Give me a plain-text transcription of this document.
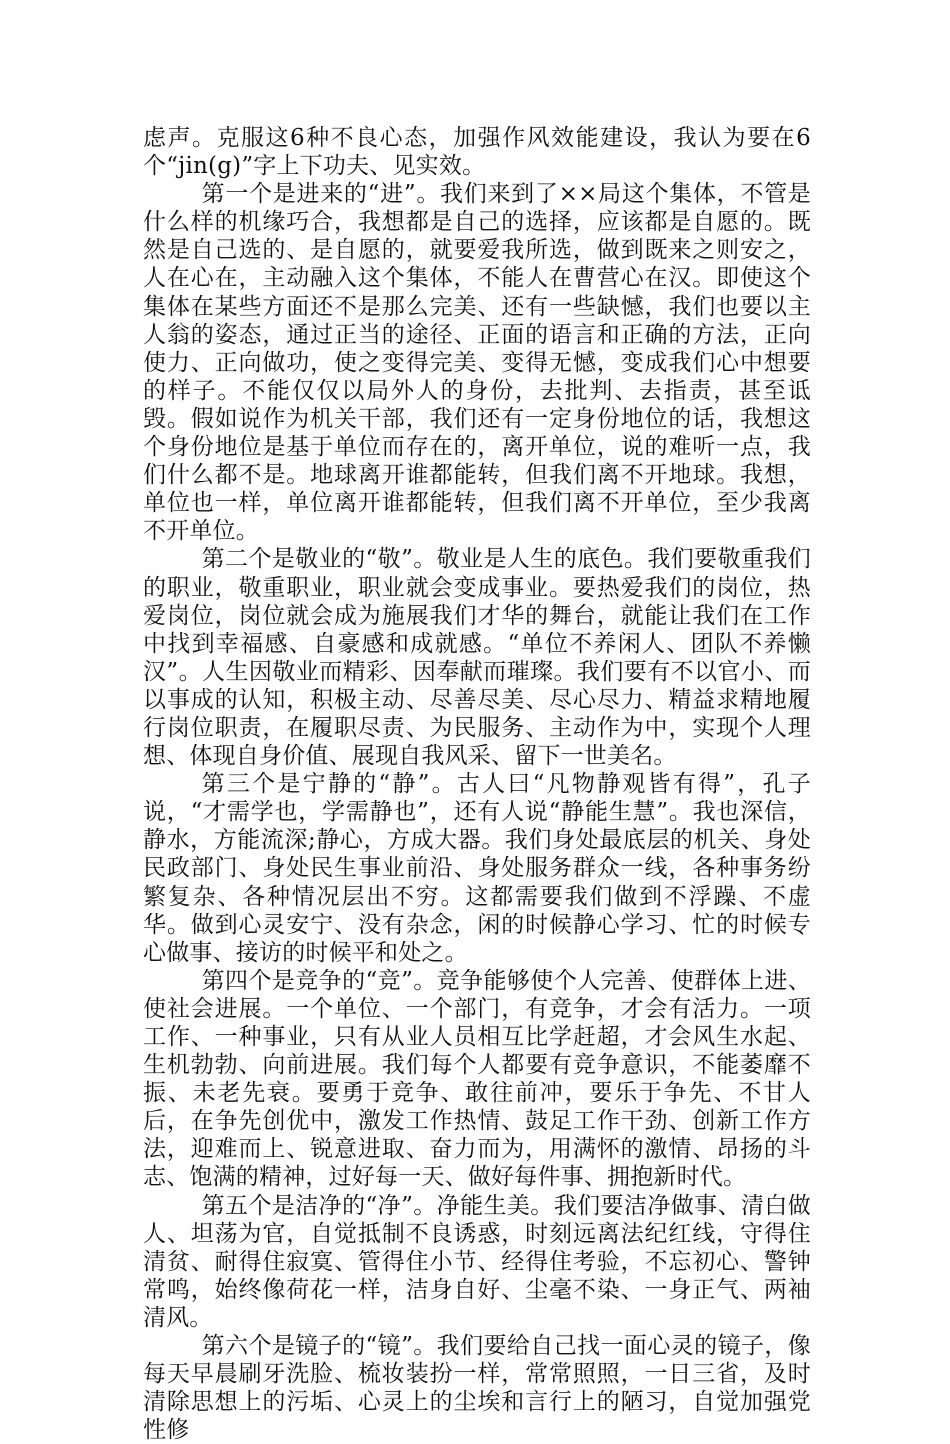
虑声。克服这6种不良心态，加强作风效能建设，我认为要在6个“jin(g)”字上下功夫、见实效。

第一个是进来的“进”。我们来到了××局这个集体，不管是什么样的机缘巧合，我想都是自己的选择，应该都是自愿的。既然是自己选的、是自愿的，就要爱我所选，做到既来之则安之，人在心在，主动融入这个集体，不能人在曹营心在汉。即使这个集体在某些方面还不是那么完美、还有一些缺憾，我们也要以主人翁的姿态，通过正当的途径、正面的语言和正确的方法，正向使力、正向做功，使之变得完美、变得无憾，变成我们心中想要的样子。不能仅仅以局外人的身份，去批判、去指责，甚至诋毁。假如说作为机关干部，我们还有一定身份地位的话，我想这个身份地位是基于单位而存在的，离开单位，说的难听一点，我们什么都不是。地球离开谁都能转，但我们离不开地球。我想，单位也一样，单位离开谁都能转，但我们离不开单位，至少我离不开单位。

第二个是敬业的“敬”。敬业是人生的底色。我们要敬重我们的职业，敬重职业，职业就会变成事业。要热爱我们的岗位，热爱岗位，岗位就会成为施展我们才华的舞台，就能让我们在工作中找到幸福感、自豪感和成就感。“单位不养闲人、团队不养懒汉”。人生因敬业而精彩、因奉献而璀璨。我们要有不以官小、而以事成的认知，积极主动、尽善尽美、尽心尽力、精益求精地履行岗位职责，在履职尽责、为民服务、主动作为中，实现个人理想、体现自身价值、展现自我风采、留下一世美名。

第三个是宁静的“静”。古人曰“凡物静观皆有得”，孔子说，“才需学也，学需静也”，还有人说“静能生慧”。我也深信，静水，方能流深;静心，方成大器。我们身处最底层的机关、身处民政部门、身处民生事业前沿、身处服务群众一线，各种事务纷繁复杂、各种情况层出不穷。这都需要我们做到不浮躁、不虚华。做到心灵安宁、没有杂念，闲的时候静心学习、忙的时候专心做事、接访的时候平和处之。

第四个是竞争的“竞”。竞争能够使个人完善、使群体上进、使社会进展。一个单位、一个部门，有竞争，才会有活力。一项工作、一种事业，只有从业人员相互比学赶超，才会风生水起、生机勃勃、向前进展。我们每个人都要有竞争意识，不能萎靡不振、未老先衰。要勇于竞争、敢往前冲，要乐于争先、不甘人后，在争先创优中，激发工作热情、鼓足工作干劲、创新工作方法，迎难而上、锐意进取、奋力而为，用满怀的激情、昂扬的斗志、饱满的精神，过好每一天、做好每件事、拥抱新时代。

第五个是洁净的“净”。净能生美。我们要洁净做事、清白做人、坦荡为官，自觉抵制不良诱惑，时刻远离法纪红线，守得住清贫、耐得住寂寞、管得住小节、经得住考验，不忘初心、警钟常鸣，始终像荷花一样，洁身自好、尘毫不染、一身正气、两袖清风。

第六个是镜子的“镜”。我们要给自己找一面心灵的镜子，像每天早晨刷牙洗脸、梳妆装扮一样，常常照照，一日三省，及时清除思想上的污垢、心灵上的尘埃和言行上的陋习，自觉加强党性修
